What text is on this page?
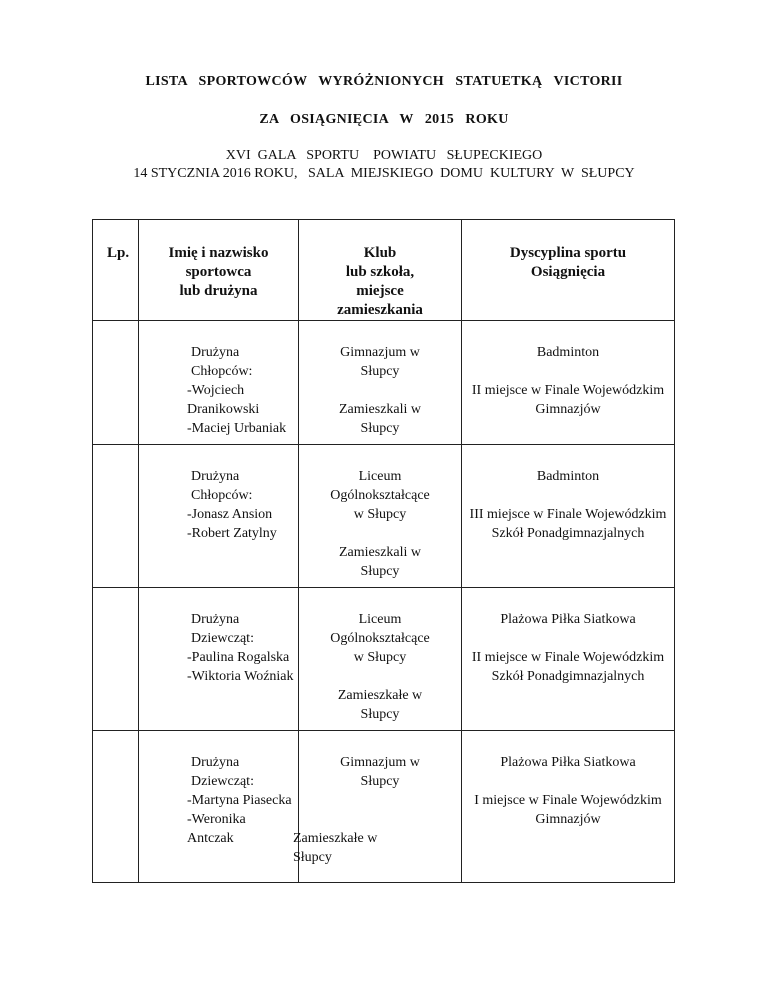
LISTA   SPORTOWCÓW   WYRÓŻNIONYCH   STATUETKĄ   VICTORII
ZA   OSIĄGNIĘCIA   W   2015   ROKU
XVI  GALA   SPORTU    POWIATU   SŁUPECKIEGO
14 STYCZNIA 2016 ROKU,   SALA  MIEJSKIEGO  DOMU  KULTURY  W  SŁUPCY
Lp.	Imię i nazwisko
sportowca
lub drużyna	Klub
lub szkoła,
miejsce
zamieszkania	Dyscyplina sportu
Osiągnięcia

	Drużyna Chłopców:
-Wojciech
Dranikowski
-Maciej Urbaniak	Gimnazjum w
Słupcy
Zamieszkali w
Słupcy	Badminton
II miejsce w Finale Wojewódzkim
Gimnazjów

	Drużyna Chłopców:
-Jonasz Ansion
-Robert Zatylny	Liceum
Ogólnokształcące
w Słupcy
Zamieszkali w
Słupcy	Badminton
III miejsce w Finale Wojewódzkim
Szkół Ponadgimnazjalnych

	Drużyna Dziewcząt:
-Paulina Rogalska
-Wiktoria Woźniak	Liceum
Ogólnokształcące
w Słupcy
Zamieszkałe w
Słupcy	Plażowa Piłka Siatkowa
II miejsce w Finale Wojewódzkim
Szkół Ponadgimnazjalnych

	Drużyna Dziewcząt:
-Martyna Piasecka
-Weronika Antczak	Gimnazjum w
Słupcy
Zamieszkałe w
Słupcy	Plażowa Piłka Siatkowa
I miejsce w Finale Wojewódzkim
Gimnazjów
